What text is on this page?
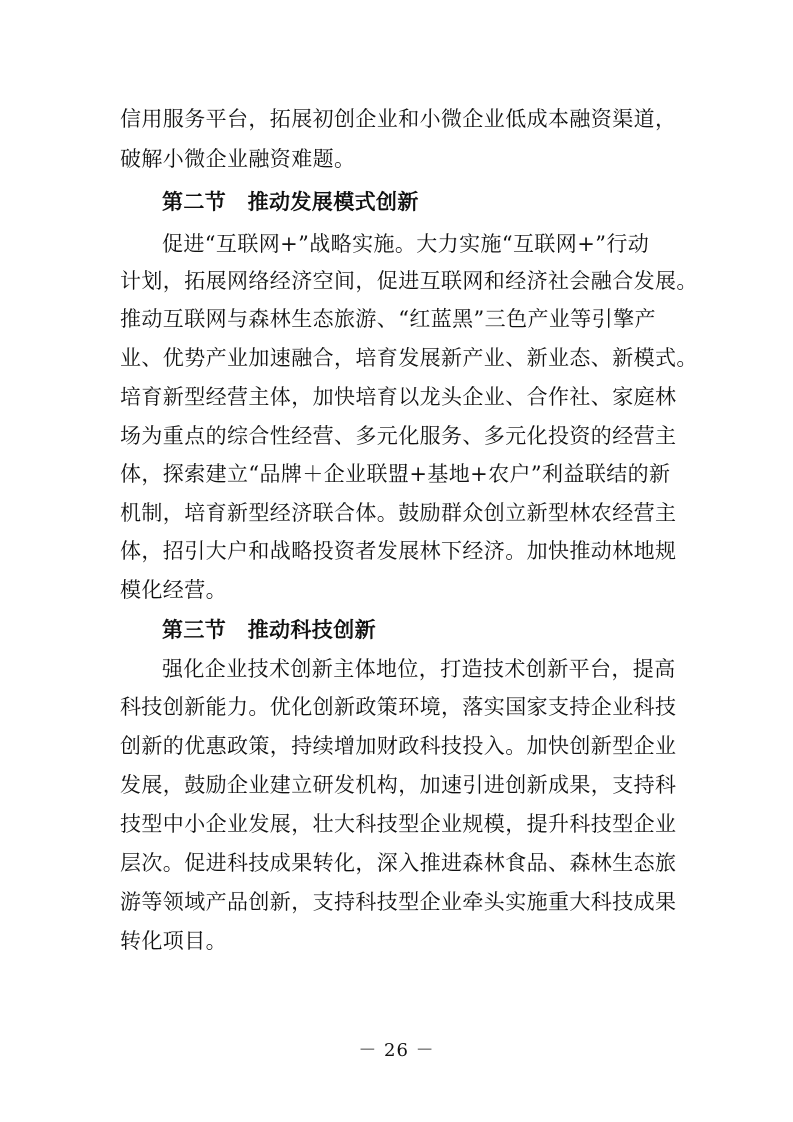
信用服务平台，拓展初创企业和小微企业低成本融资渠道，
破解小微企业融资难题。
第二节　推动发展模式创新
促进“互联网+”战略实施。大力实施“互联网+”行动
计划，拓展网络经济空间，促进互联网和经济社会融合发展。
推动互联网与森林生态旅游、“红蓝黑”三色产业等引擎产
业、优势产业加速融合，培育发展新产业、新业态、新模式。
培育新型经营主体，加快培育以龙头企业、合作社、家庭林
场为重点的综合性经营、多元化服务、多元化投资的经营主
体，探索建立“品牌＋企业联盟+基地+农户”利益联结的新
机制，培育新型经济联合体。鼓励群众创立新型林农经营主
体，招引大户和战略投资者发展林下经济。加快推动林地规
模化经营。
第三节　推动科技创新
强化企业技术创新主体地位，打造技术创新平台，提高
科技创新能力。优化创新政策环境，落实国家支持企业科技
创新的优惠政策，持续增加财政科技投入。加快创新型企业
发展，鼓励企业建立研发机构，加速引进创新成果，支持科
技型中小企业发展，壮大科技型企业规模，提升科技型企业
层次。促进科技成果转化，深入推进森林食品、森林生态旅
游等领域产品创新，支持科技型企业牵头实施重大科技成果
转化项目。
－ 26 －
